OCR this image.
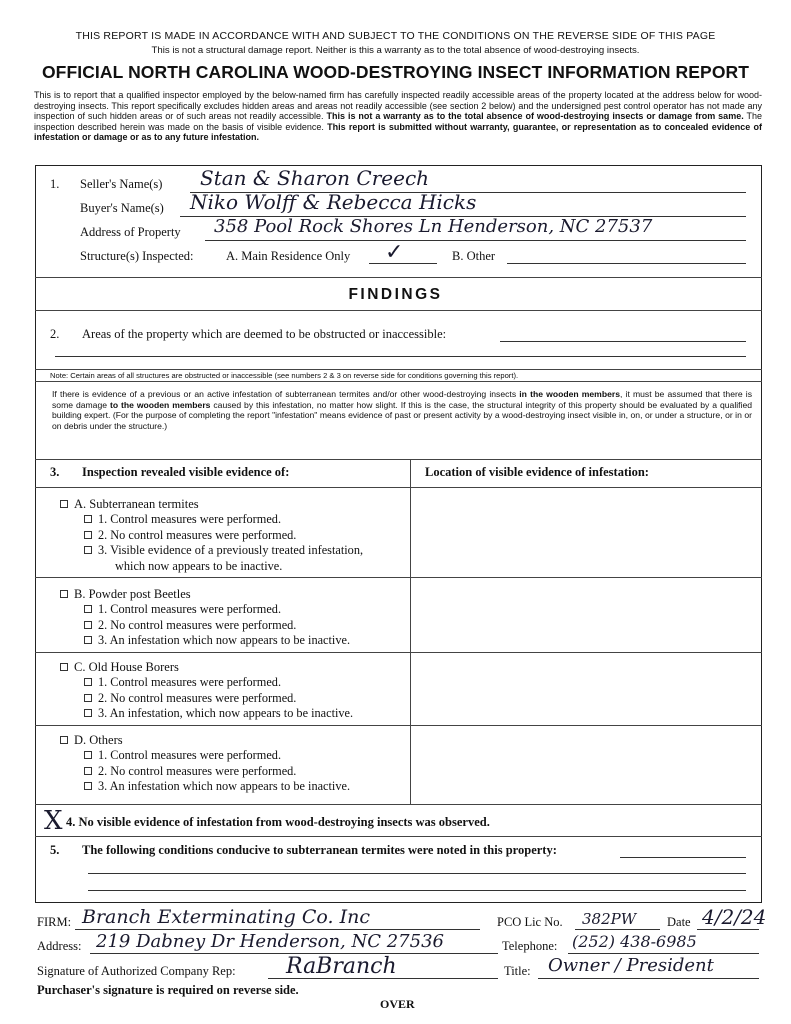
THIS REPORT IS MADE IN ACCORDANCE WITH AND SUBJECT TO THE CONDITIONS ON THE REVERSE SIDE OF THIS PAGE
This is not a structural damage report. Neither is this a warranty as to the total absence of wood-destroying insects.
OFFICIAL NORTH CAROLINA WOOD-DESTROYING INSECT INFORMATION REPORT
This is to report that a qualified inspector employed by the below-named firm has carefully inspected readily accessible areas of the property located at the address below for wood-destroying insects. This report specifically excludes hidden areas and areas not readily accessible (see section 2 below) and the undersigned pest control operator has not made any inspection of such hidden areas or of such areas not readily accessible. This is not a warranty as to the total absence of wood-destroying insects or damage from same. The inspection described herein was made on the basis of visible evidence. This report is submitted without warranty, guarantee, or representation as to concealed evidence of infestation or damage or as to any future infestation.
1. Seller's Name(s) Stan & Sharon Creech
Buyer's Name(s) Niko Wolff & Rebecca Hicks
Address of Property 358 Pool Rock Shores Ln Henderson, NC 27537
Structure(s) Inspected:	A. Main Residence Only ✓	B. Other
FINDINGS
2. Areas of the property which are deemed to be obstructed or inaccessible:
Note: Certain areas of all structures are obstructed or inaccessible (see numbers 2 & 3 on reverse side for conditions governing this report).
If there is evidence of a previous or an active infestation of subterranean termites and/or other wood-destroying insects in the wooden members, it must be assumed that there is some damage to the wooden members caused by this infestation, no matter how slight. If this is the case, the structural integrity of this property should be evaluated by a qualified building expert. (For the purpose of completing the report "infestation" means evidence of past or present activity by a wood-destroying insect visible in, on, or under a structure, or in or on debris under the structure.)
3. Inspection revealed visible evidence of:	Location of visible evidence of infestation:
A. Subterranean termites
1. Control measures were performed.
2. No control measures were performed.
3. Visible evidence of a previously treated infestation,
which now appears to be inactive.
B. Powder post Beetles
1. Control measures were performed.
2. No control measures were performed.
3. An infestation which now appears to be inactive.
C. Old House Borers
1. Control measures were performed.
2. No control measures were performed.
3. An infestation, which now appears to be inactive.
D. Others
1. Control measures were performed.
2. No control measures were performed.
3. An infestation which now appears to be inactive.
X 4. No visible evidence of infestation from wood-destroying insects was observed.
5. The following conditions conducive to subterranean termites were noted in this property:
FIRM: Branch Exterminating Co. Inc	PCO Lic No. 382PW Date 4/2/24
Address: 219 Dabney Dr Henderson, NC 27536	Telephone: (252) 438-6985
Signature of Authorized Company Rep: RaBranch	Title: Owner / President
Purchaser's signature is required on reverse side.
OVER
